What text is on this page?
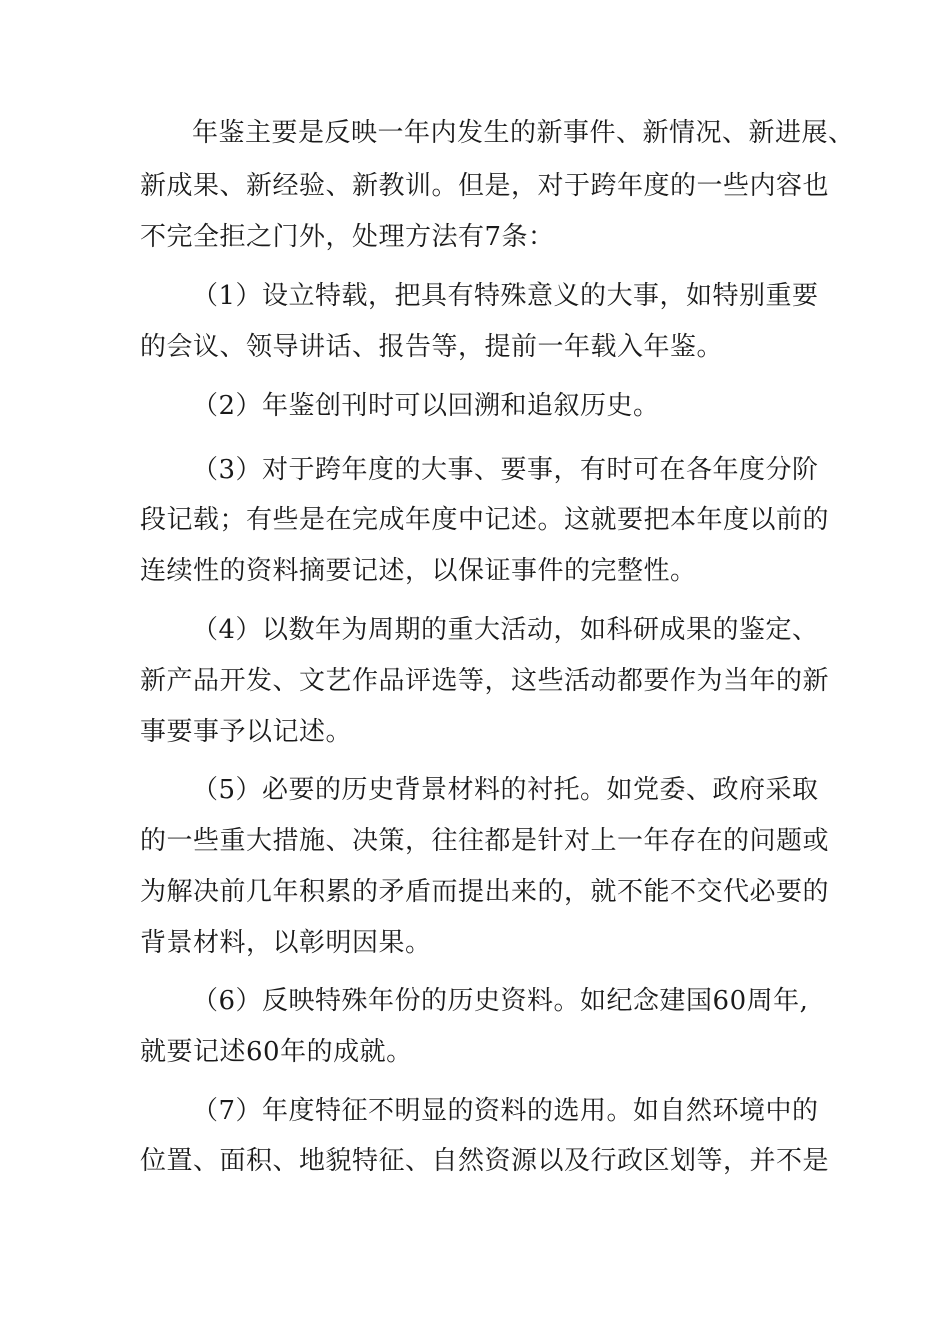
年鉴主要是反映一年内发生的新事件、新情况、新进展、

新成果、新经验、新教训。但是，对于跨年度的一些内容也

不完全拒之门外，处理方法有7条：

（1）设立特载，把具有特殊意义的大事，如特别重要

的会议、领导讲话、报告等，提前一年载入年鉴。

（2）年鉴创刊时可以回溯和追叙历史。

（3）对于跨年度的大事、要事，有时可在各年度分阶

段记载；有些是在完成年度中记述。这就要把本年度以前的

连续性的资料摘要记述，以保证事件的完整性。

（4）以数年为周期的重大活动，如科研成果的鉴定、

新产品开发、文艺作品评选等，这些活动都要作为当年的新

事要事予以记述。

（5）必要的历史背景材料的衬托。如党委、政府采取

的一些重大措施、决策，往往都是针对上一年存在的问题或

为解决前几年积累的矛盾而提出来的，就不能不交代必要的

背景材料，以彰明因果。

（6）反映特殊年份的历史资料。如纪念建国60周年,

就要记述60年的成就。

（7）年度特征不明显的资料的选用。如自然环境中的

位置、面积、地貌特征、自然资源以及行政区划等，并不是
